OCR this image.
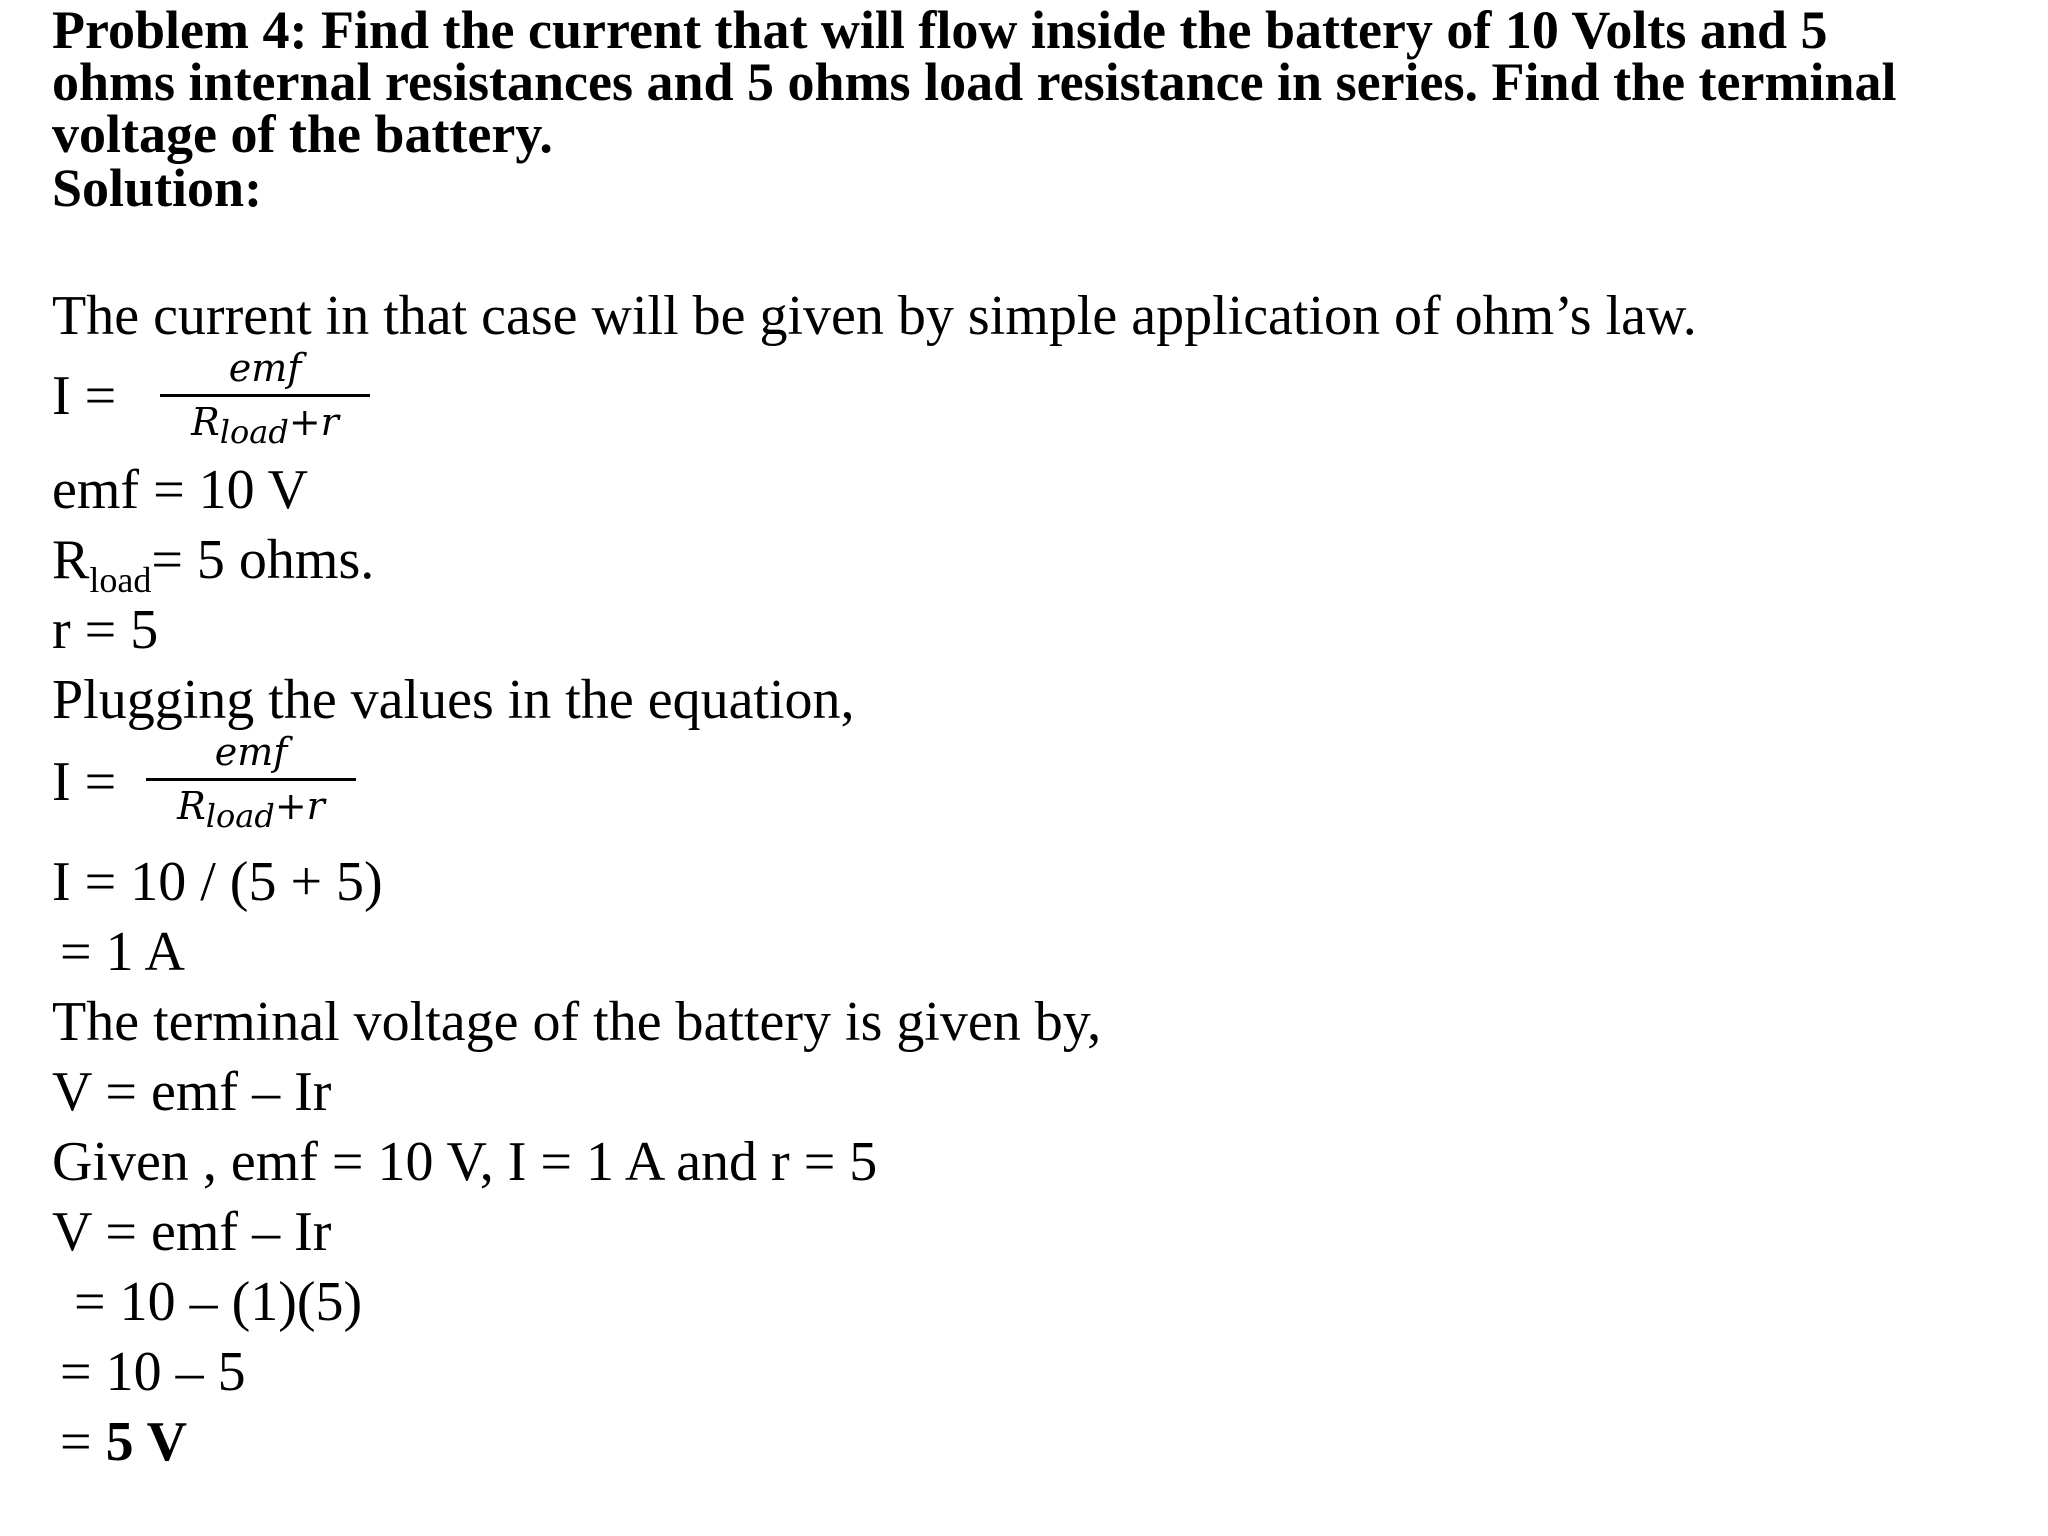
Problem 4: Find the current that will flow inside the battery of 10 Volts and 5

ohms internal resistances and 5 ohms load resistance in series. Find the terminal

voltage of the battery.

Solution:

The current in that case will be given by simple application of ohm’s law.
I =	emf
$R_{load}+r$
emf = 10 V
$R_{load}= 5$ ohms.
r = 5
Plugging the values in the equation,
I =	emf
$R_{load}+r$
I = 10 / (5 + 5)
= 1 A
The terminal voltage of the battery is given by,
V = emf – Ir
Given , emf = 10 V, I = 1 A and r = 5
V = emf – Ir
= 10 – (1)(5)
= 10 – 5
= 5 V
